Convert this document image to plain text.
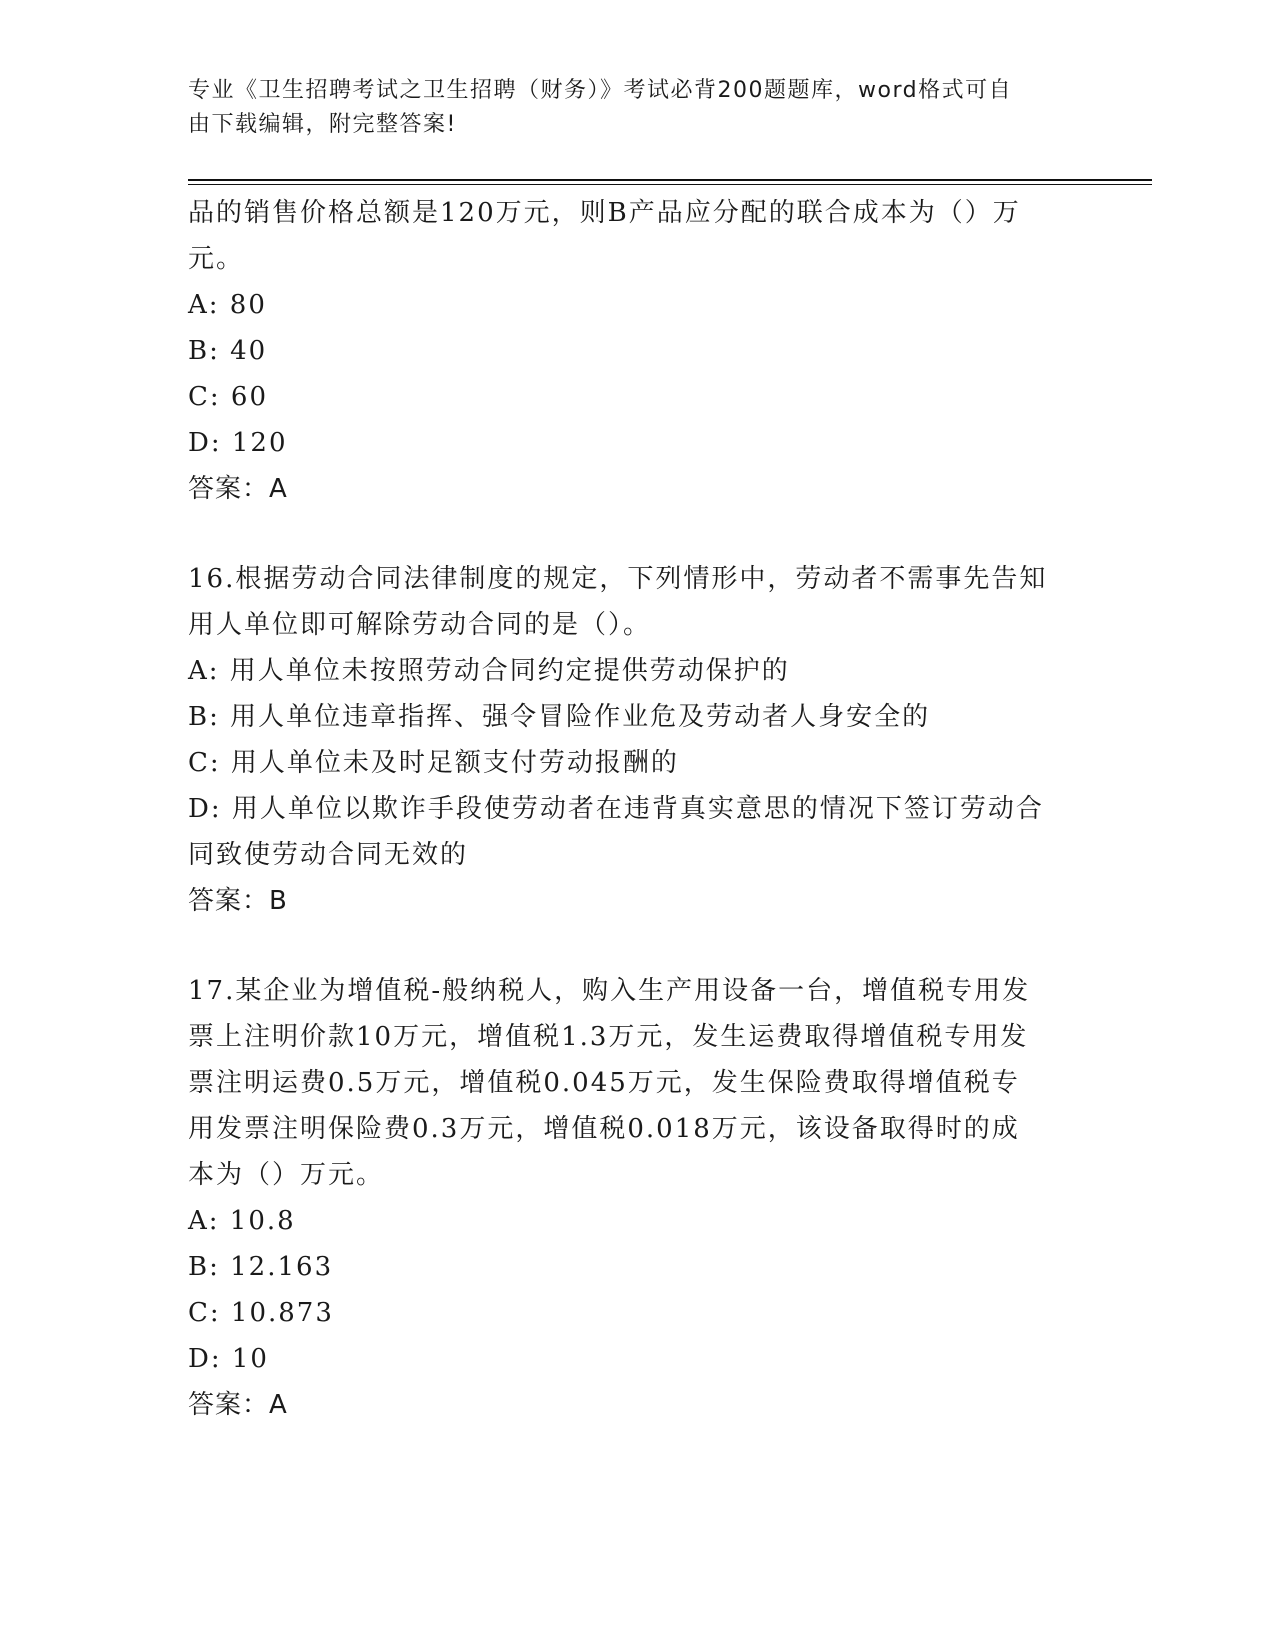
专业《卫生招聘考试之卫生招聘（财务）》考试必背200题题库，word格式可自
由下载编辑，附完整答案!
品的销售价格总额是120万元，则B产品应分配的联合成本为（）万
元。
A: 80
B: 40
C: 60
D: 120
答案：A
16.根据劳动合同法律制度的规定，下列情形中，劳动者不需事先告知
用人单位即可解除劳动合同的是（）。
A: 用人单位未按照劳动合同约定提供劳动保护的
B: 用人单位违章指挥、强令冒险作业危及劳动者人身安全的
C: 用人单位未及时足额支付劳动报酬的
D: 用人单位以欺诈手段使劳动者在违背真实意思的情况下签订劳动合
同致使劳动合同无效的
答案：B
17.某企业为增值税-般纳税人，购入生产用设备一台，增值税专用发
票上注明价款10万元，增值税1.3万元，发生运费取得增值税专用发
票注明运费0.5万元，增值税0.045万元，发生保险费取得增值税专
用发票注明保险费0.3万元，增值税0.018万元，该设备取得时的成
本为（）万元。
A: 10.8
B: 12.163
C: 10.873
D: 10
答案：A
